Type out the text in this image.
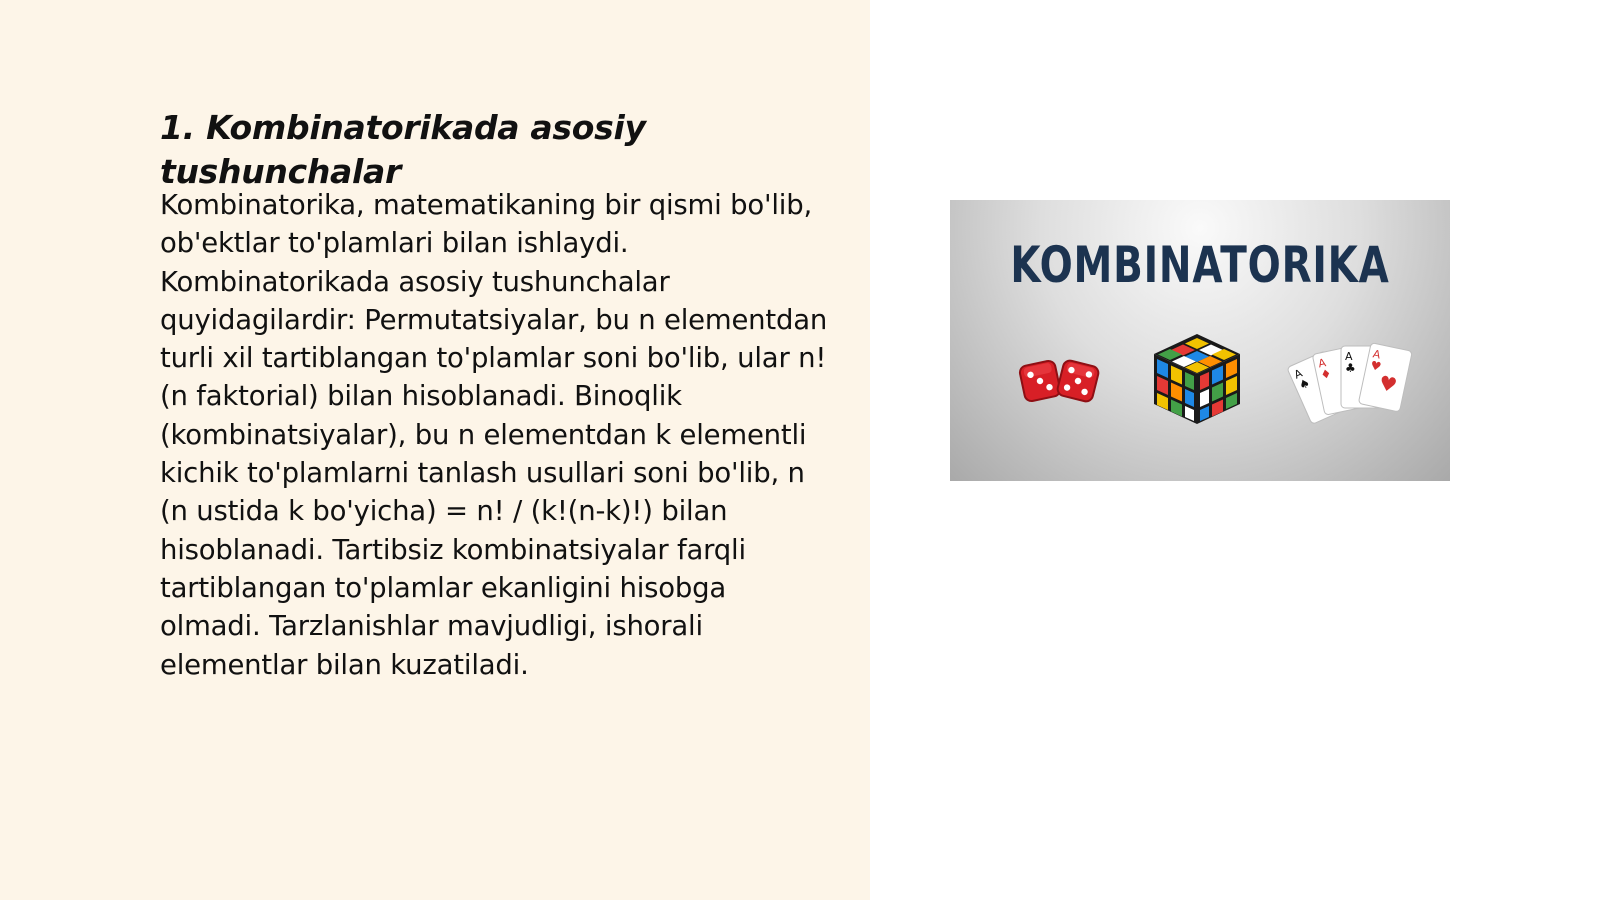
1. Kombinatorikada asosiy tushunchalar

Kombinatorika, matematikaning bir qismi bo'lib, ob'ektlar to'plamlari bilan ishlaydi. Kombinatorikada asosiy tushunchalar quyidagilardir: Permutatsiyalar, bu n elementdan turli xil tartiblangan to'plamlar soni bo'lib, ular n! (n faktorial) bilan hisoblanadi. Binoqlik (kombinatsiyalar), bu n elementdan k elementli kichik to'plamlarni tanlash usullari soni bo'lib, n (n ustida k bo'yicha) = n! / (k!(n-k)!) bilan hisoblanadi. Tartibsiz kombinatsiyalar farqli tartiblangan to'plamlar ekanligini hisobga olmadi. Tarzlanishlar mavjudligi, ishorali elementlar bilan kuzatiladi.

KOMBINATORIKA
A
♠
A
♦
A
♣
A
♥
♥
